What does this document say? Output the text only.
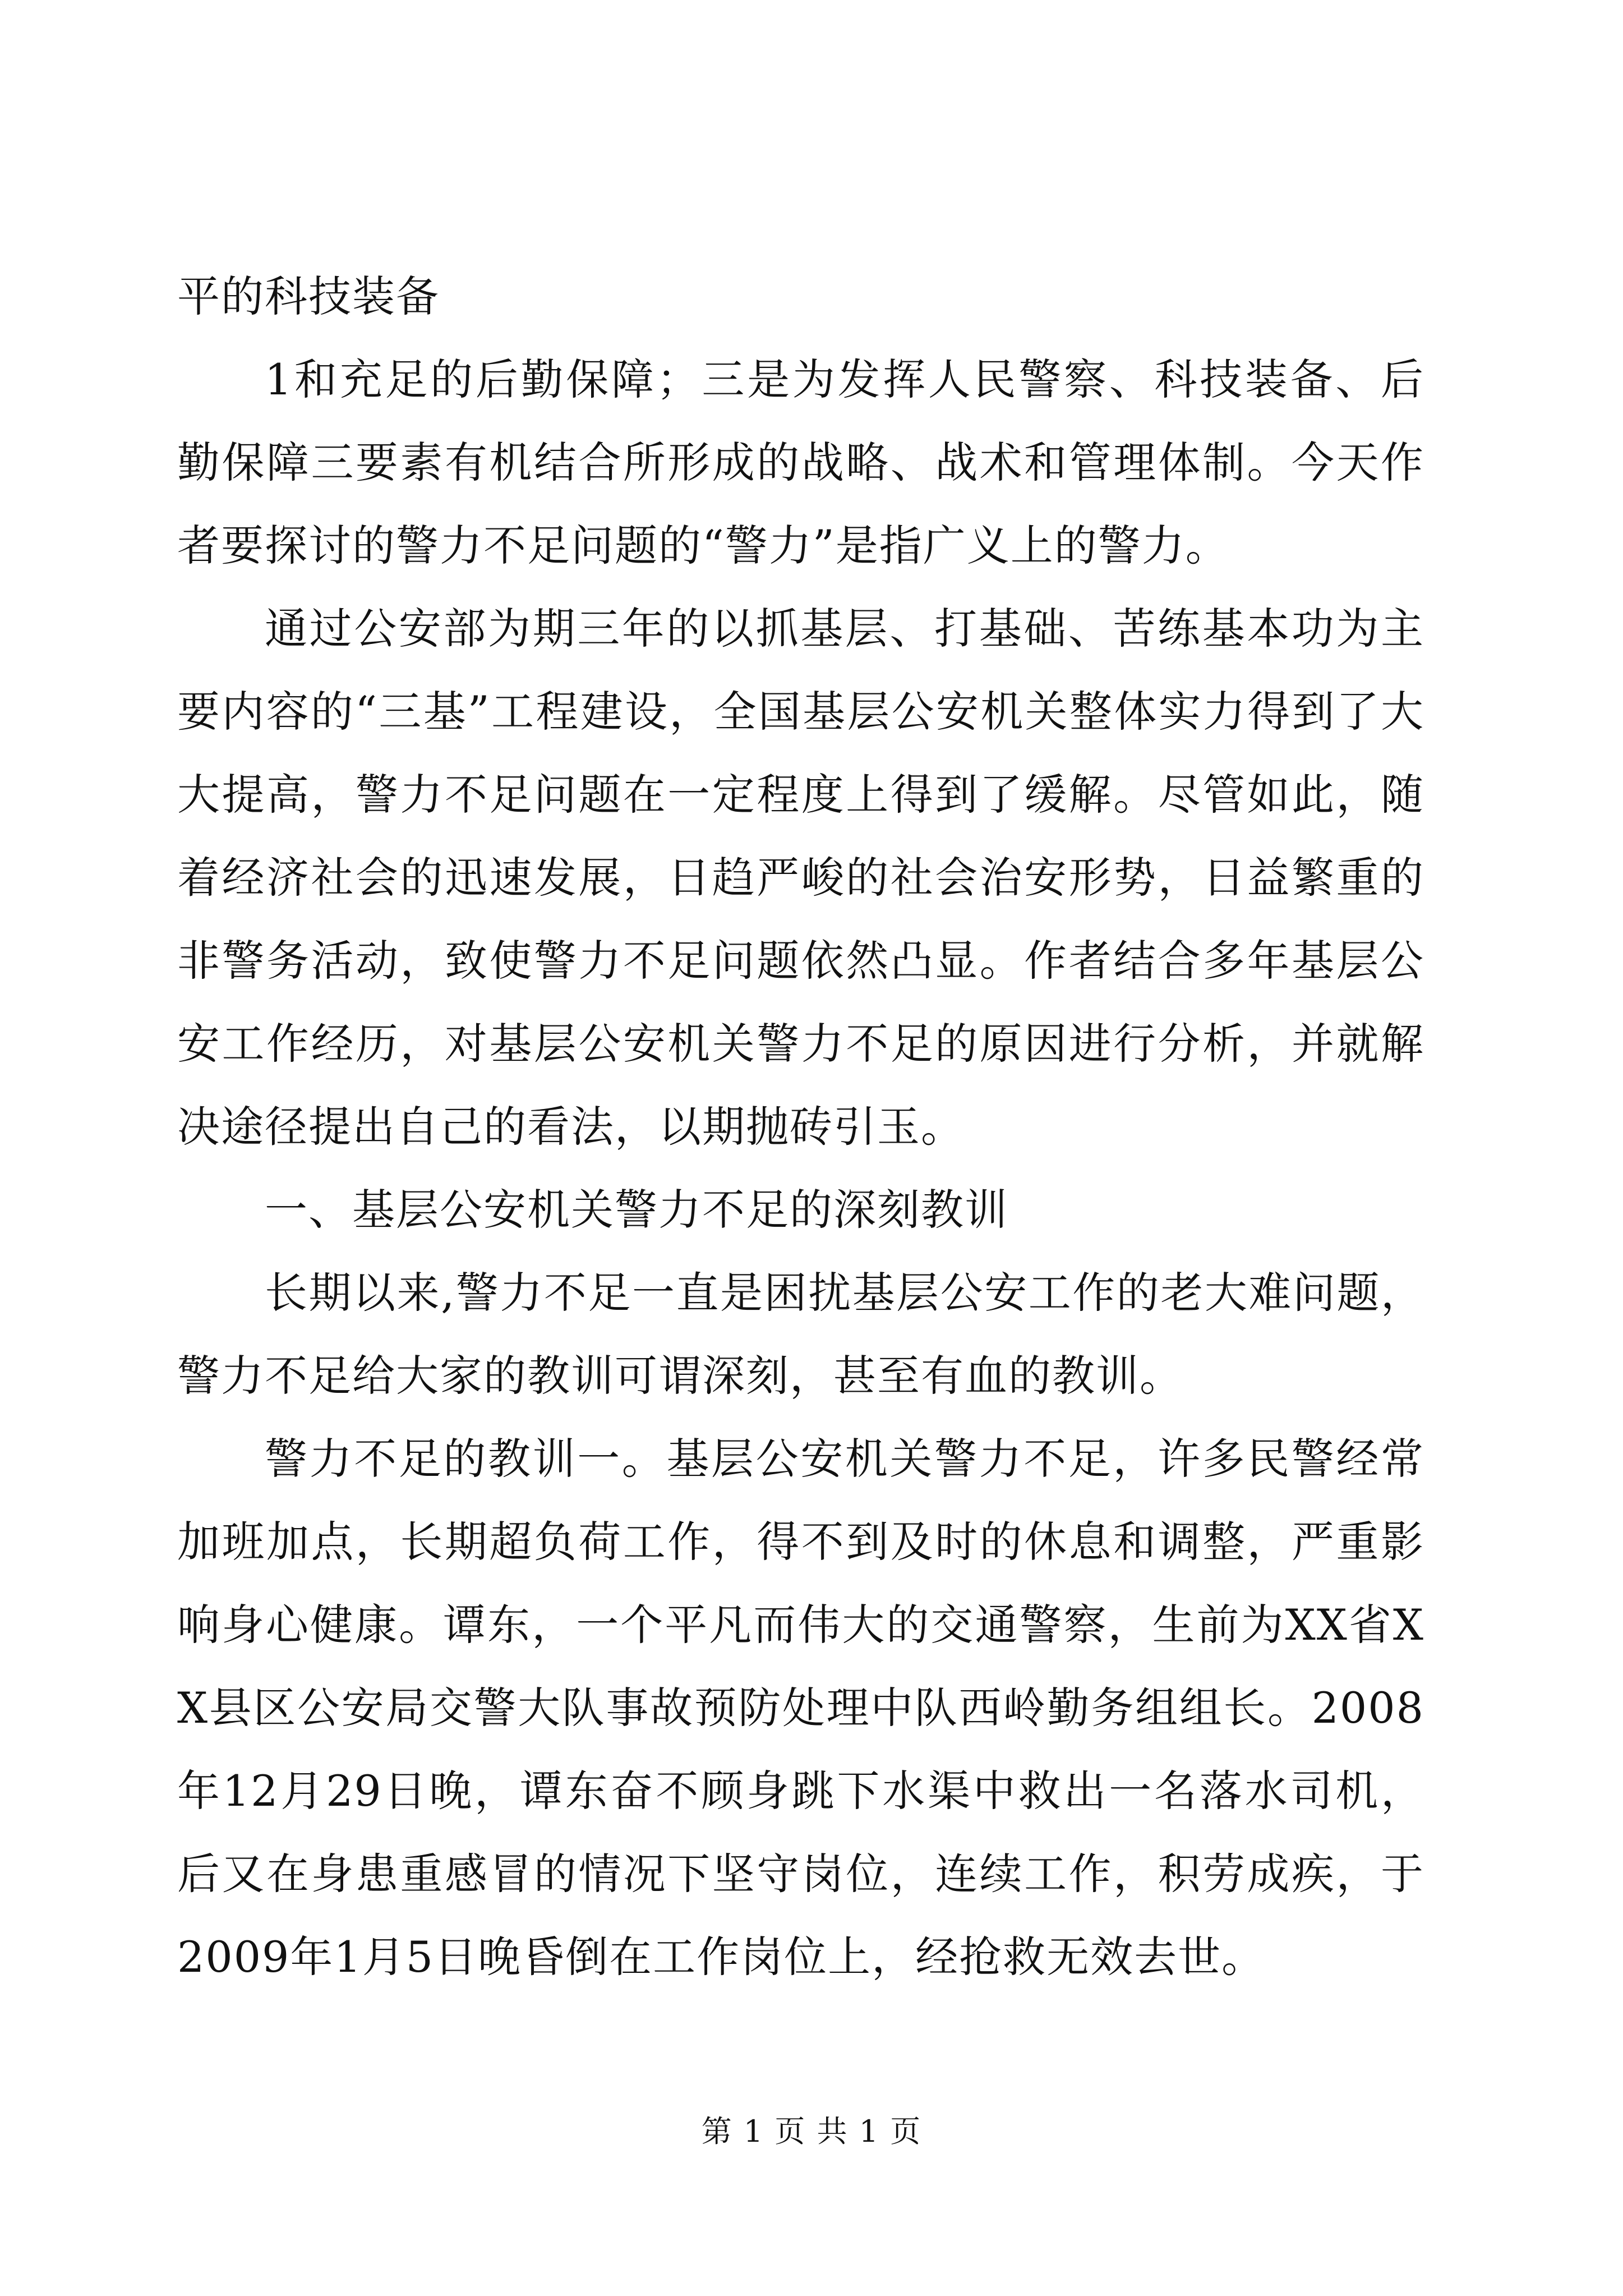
平的科技装备

1和充足的后勤保障；三是为发挥人民警察、科技装备、后勤保障三要素有机结合所形成的战略、战术和管理体制。今天作者要探讨的警力不足问题的“警力”是指广义上的警力。

通过公安部为期三年的以抓基层、打基础、苦练基本功为主要内容的“三基”工程建设，全国基层公安机关整体实力得到了大大提高，警力不足问题在一定程度上得到了缓解。尽管如此，随着经济社会的迅速发展，日趋严峻的社会治安形势，日益繁重的非警务活动，致使警力不足问题依然凸显。作者结合多年基层公安工作经历，对基层公安机关警力不足的原因进行分析，并就解决途径提出自己的看法，以期抛砖引玉。

一、基层公安机关警力不足的深刻教训

长期以来,警力不足一直是困扰基层公安工作的老大难问题，警力不足给大家的教训可谓深刻，甚至有血的教训。

警力不足的教训一。基层公安机关警力不足，许多民警经常加班加点，长期超负荷工作，得不到及时的休息和调整，严重影响身心健康。谭东，一个平凡而伟大的交通警察，生前为XX省XX县区公安局交警大队事故预防处理中队西岭勤务组组长。2008年12月29日晚，谭东奋不顾身跳下水渠中救出一名落水司机，后又在身患重感冒的情况下坚守岗位，连续工作，积劳成疾，于2009年1月5日晚昏倒在工作岗位上，经抢救无效去世。

第 1 页 共 1 页
